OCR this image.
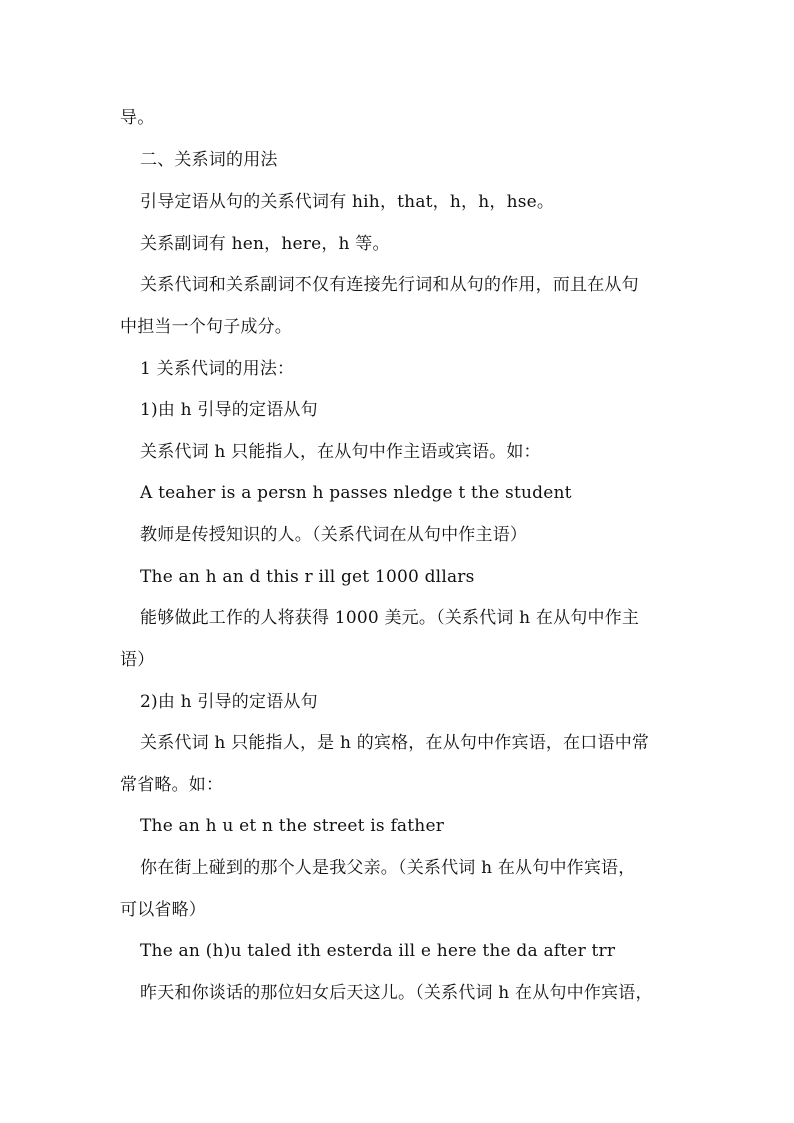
导。
二、关系词的用法
引导定语从句的关系代词有 hih，that，h，h，hse。
关系副词有 hen，here，h 等。
关系代词和关系副词不仅有连接先行词和从句的作用，而且在从句
中担当一个句子成分。
1 关系代词的用法：
1)由 h 引导的定语从句
关系代词 h 只能指人，在从句中作主语或宾语。如：
A teaher is a persn h passes nledge t the student
教师是传授知识的人。（关系代词在从句中作主语）
The an h an d this r ill get 1000 dllars
能够做此工作的人将获得 1000 美元。（关系代词 h 在从句中作主
语）
2)由 h 引导的定语从句
关系代词 h 只能指人，是 h 的宾格，在从句中作宾语，在口语中常
常省略。如：
The an h u et n the street is father
你在街上碰到的那个人是我父亲。（关系代词 h 在从句中作宾语，
可以省略）
The an (h)u taled ith esterda ill e here the da after trr
昨天和你谈话的那位妇女后天这儿。（关系代词 h 在从句中作宾语，
